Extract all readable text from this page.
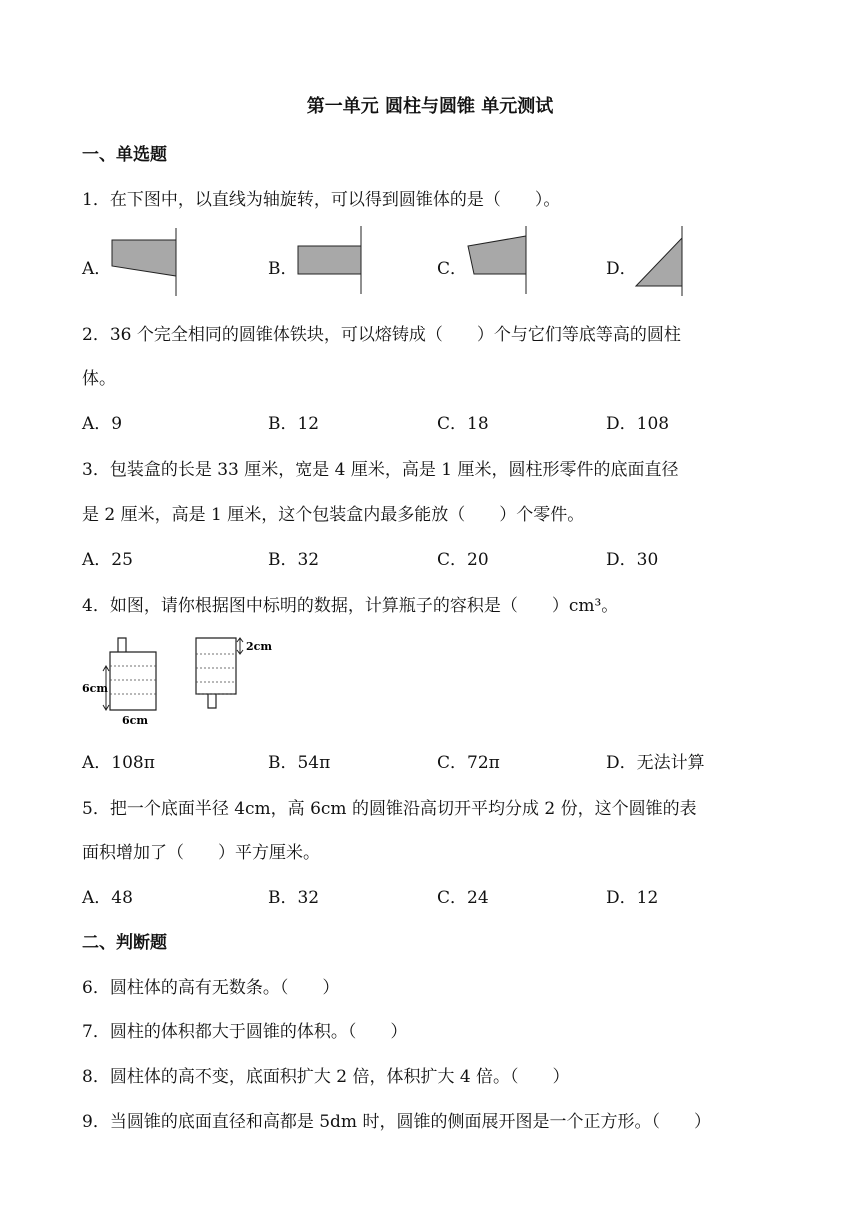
第一单元 圆柱与圆锥 单元测试
一、单选题
1．在下图中，以直线为轴旋转，可以得到圆锥体的是（　　）。
A．	B．	C．	D．
2．36 个完全相同的圆锥体铁块，可以熔铸成（　　）个与它们等底等高的圆柱
体。
A．9	B．12	C．18	D．108
3．包装盒的长是 33 厘米，宽是 4 厘米，高是 1 厘米，圆柱形零件的底面直径
是 2 厘米，高是 1 厘米，这个包装盒内最多能放（　　）个零件。
A．25	B．32	C．20	D．30
4．如图，请你根据图中标明的数据，计算瓶子的容积是（　　）cm³。
6cm
6cm
2cm
A．108π	B．54π	C．72π	D．无法计算
5．把一个底面半径 4cm，高 6cm 的圆锥沿高切开平均分成 2 份，这个圆锥的表
面积增加了（　　）平方厘米。
A．48	B．32	C．24	D．12
二、判断题
6．圆柱体的高有无数条。（　　）
7．圆柱的体积都大于圆锥的体积。（　　）
8．圆柱体的高不变，底面积扩大 2 倍，体积扩大 4 倍。（　　）
9．当圆锥的底面直径和高都是 5dm 时，圆锥的侧面展开图是一个正方形。（　　）
